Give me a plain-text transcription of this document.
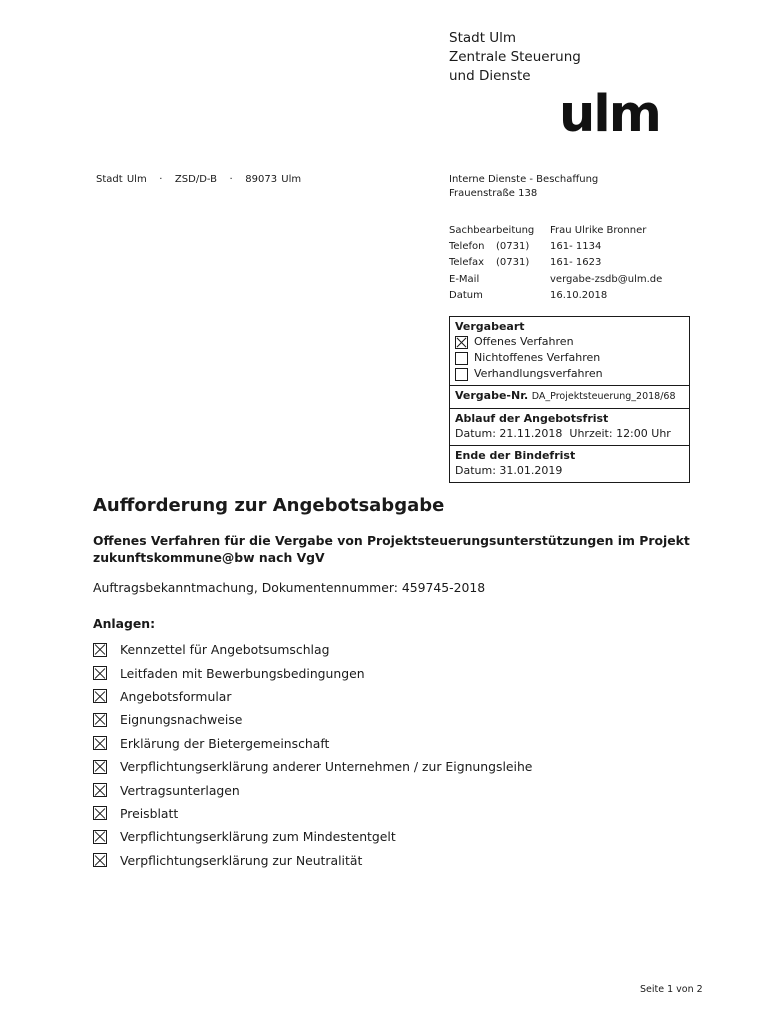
Stadt Ulm
Zentrale Steuerung
und Dienste
ulm
Stadt Ulm   ·   ZSD/D-B   ·   89073 Ulm	Interne Dienste - Beschaffung
Frauenstraße 138
Sachbearbeitung Frau Ulrike Bronner
Telefon	(0731) 161- 1134
Telefax	(0731) 161- 1623
E-Mail	vergabe-zsdb@ulm.de
Datum	16.10.2018
Vergabeart
Offenes Verfahren
Nichtoffenes Verfahren
Verhandlungsverfahren
Vergabe-Nr. DA_Projektsteuerung_2018/68
Ablauf der Angebotsfrist
Datum: 21.11.2018 Uhrzeit: 12:00 Uhr
Ende der Bindefrist
Datum: 31.01.2019
Aufforderung zur Angebotsabgabe
Offenes Verfahren für die Vergabe von Projektsteuerungsunterstützungen im Projekt zukunftskommune@bw nach VgV
Auftragsbekanntmachung, Dokumentennummer: 459745-2018
Anlagen:
Kennzettel für Angebotsumschlag
Leitfaden mit Bewerbungsbedingungen
Angebotsformular
Eignungsnachweise
Erklärung der Bietergemeinschaft
Verpflichtungserklärung anderer Unternehmen / zur Eignungsleihe
Vertragsunterlagen
Preisblatt
Verpflichtungserklärung zum Mindestentgelt
Verpflichtungserklärung zur Neutralität
Seite 1 von 2
